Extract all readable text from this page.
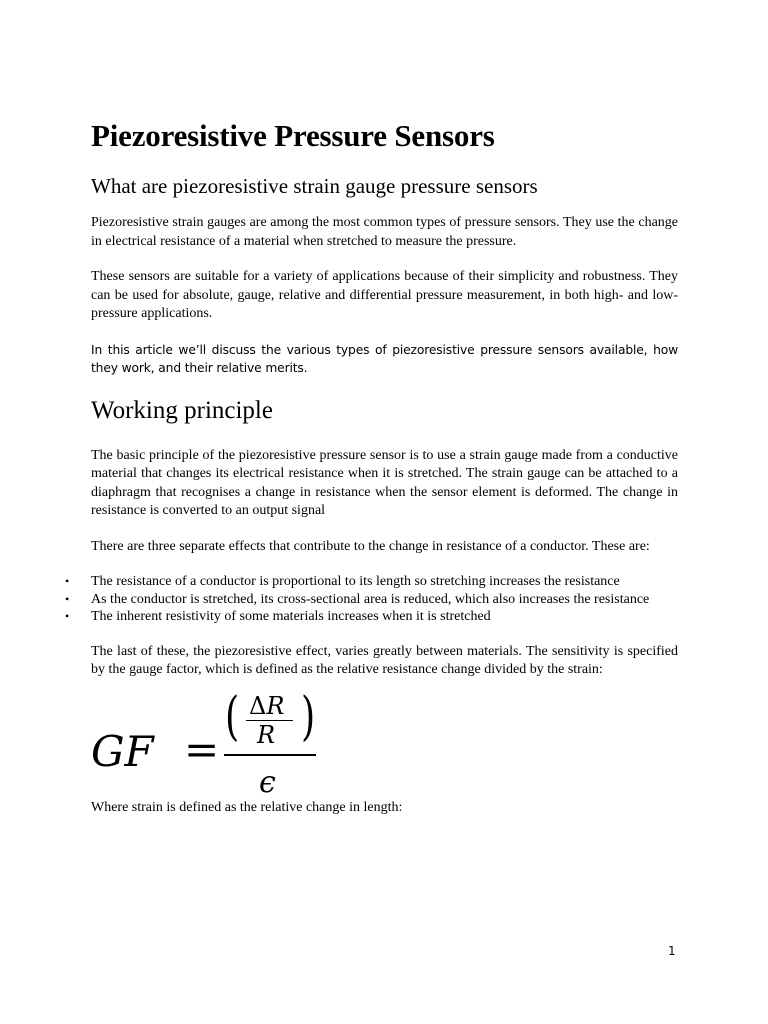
Piezoresistive Pressure Sensors
What are piezoresistive strain gauge pressure sensors

Piezoresistive strain gauges are among the most common types of pressure sensors. They use the change in electrical resistance of a material when stretched to measure the pressure.

These sensors are suitable for a variety of applications because of their simplicity and robustness. They can be used for absolute, gauge, relative and differential pressure measurement, in both high- and low-pressure applications.

In this article we’ll discuss the various types of piezoresistive pressure sensors available, how they work, and their relative merits.

Working principle

The basic principle of the piezoresistive pressure sensor is to use a strain gauge made from a conductive material that changes its electrical resistance when it is stretched. The strain gauge can be attached to a diaphragm that recognises a change in resistance when the sensor element is deformed. The change in resistance is converted to an output signal

There are three separate effects that contribute to the change in resistance of a conductor. These are:

• The resistance of a conductor is proportional to its length so stretching increases the resistance
• As the conductor is stretched, its cross-sectional area is reduced, which also increases the resistance
• The inherent resistivity of some materials increases when it is stretched

The last of these, the piezoresistive effect, varies greatly between materials. The sensitivity is specified by the gauge factor, which is defined as the relative resistance change divided by the strain:

GF =
( ΔR
R )
ϵ

Where strain is defined as the relative change in length:

1
